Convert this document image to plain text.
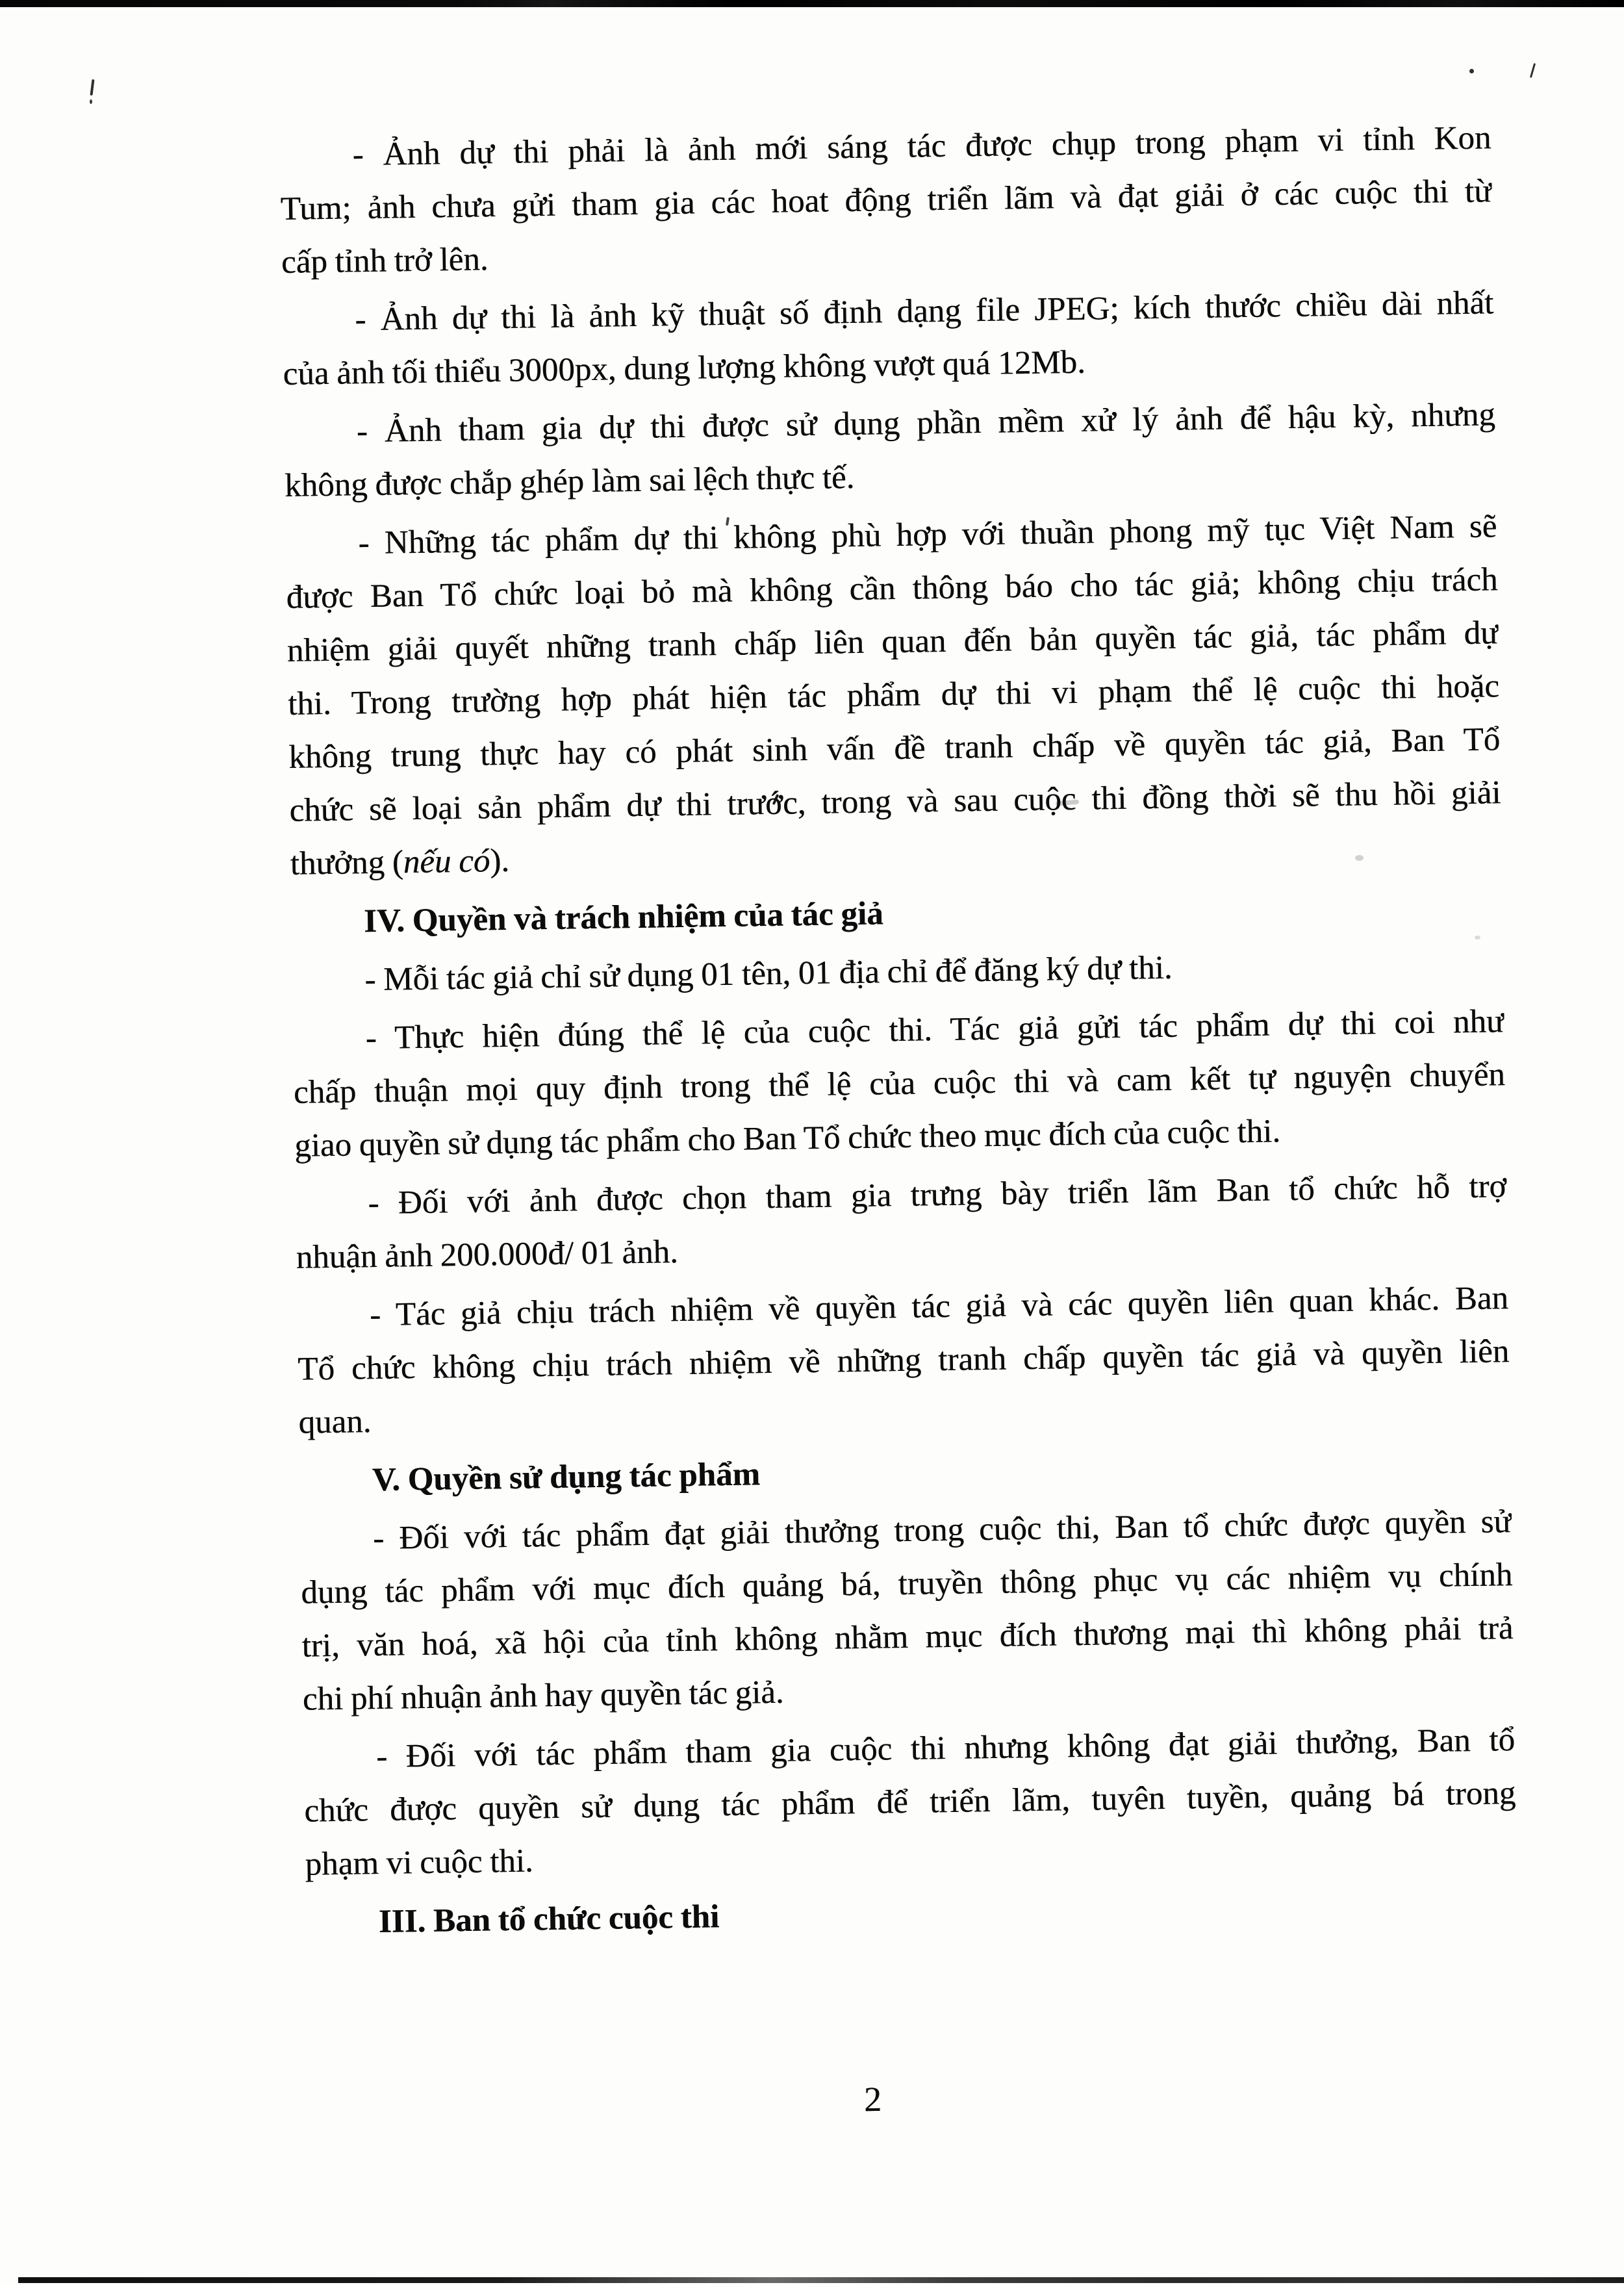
- Ảnh dự thi phải là ảnh mới sáng tác được chụp trong phạm vi tỉnh Kon
Tum; ảnh chưa gửi tham gia các hoat động triển lãm và đạt giải ở các cuộc thi từ
cấp tỉnh trở lên.
- Ảnh dự thi là ảnh kỹ thuật số định dạng file JPEG; kích thước chiều dài nhất
của ảnh tối thiểu 3000px, dung lượng không vượt quá 12Mb.
- Ảnh tham gia dự thi được sử dụng phần mềm xử lý ảnh để hậu kỳ, nhưng
không được chắp ghép làm sai lệch thực tế.
- Những tác phẩm dự thi không phù hợp với thuần phong mỹ tục Việt Nam sẽ
được Ban Tổ chức loại bỏ mà không cần thông báo cho tác giả; không chịu trách
nhiệm giải quyết những tranh chấp liên quan đến bản quyền tác giả, tác phẩm dự
thi. Trong trường hợp phát hiện tác phẩm dự thi vi phạm thể lệ cuộc thi hoặc
không trung thực hay có phát sinh vấn đề tranh chấp về quyền tác giả, Ban Tổ
chức sẽ loại sản phẩm dự thi trước, trong và sau cuộc thi đồng thời sẽ thu hồi giải
thưởng (nếu có).
IV. Quyền và trách nhiệm của tác giả
- Mỗi tác giả chỉ sử dụng 01 tên, 01 địa chỉ để đăng ký dự thi.
- Thực hiện đúng thể lệ của cuộc thi. Tác giả gửi tác phẩm dự thi coi như
chấp thuận mọi quy định trong thể lệ của cuộc thi và cam kết tự nguyện chuyển
giao quyền sử dụng tác phẩm cho Ban Tổ chức theo mục đích của cuộc thi.
- Đối với ảnh được chọn tham gia trưng bày triển lãm Ban tổ chức hỗ trợ
nhuận ảnh 200.000đ/ 01 ảnh.
- Tác giả chịu trách nhiệm về quyền tác giả và các quyền liên quan khác. Ban
Tổ chức không chịu trách nhiệm về những tranh chấp quyền tác giả và quyền liên
quan.
V. Quyền sử dụng tác phẩm
- Đối với tác phẩm đạt giải thưởng trong cuộc thi, Ban tổ chức được quyền sử
dụng tác phẩm với mục đích quảng bá, truyền thông phục vụ các nhiệm vụ chính
trị, văn hoá, xã hội của tỉnh không nhằm mục đích thương mại thì không phải trả
chi phí nhuận ảnh hay quyền tác giả.
- Đối với tác phẩm tham gia cuộc thi nhưng không đạt giải thưởng, Ban tổ
chức được quyền sử dụng tác phẩm để triển lãm, tuyên tuyền, quảng bá trong
phạm vi cuộc thi.
III. Ban tổ chức cuộc thi
2
